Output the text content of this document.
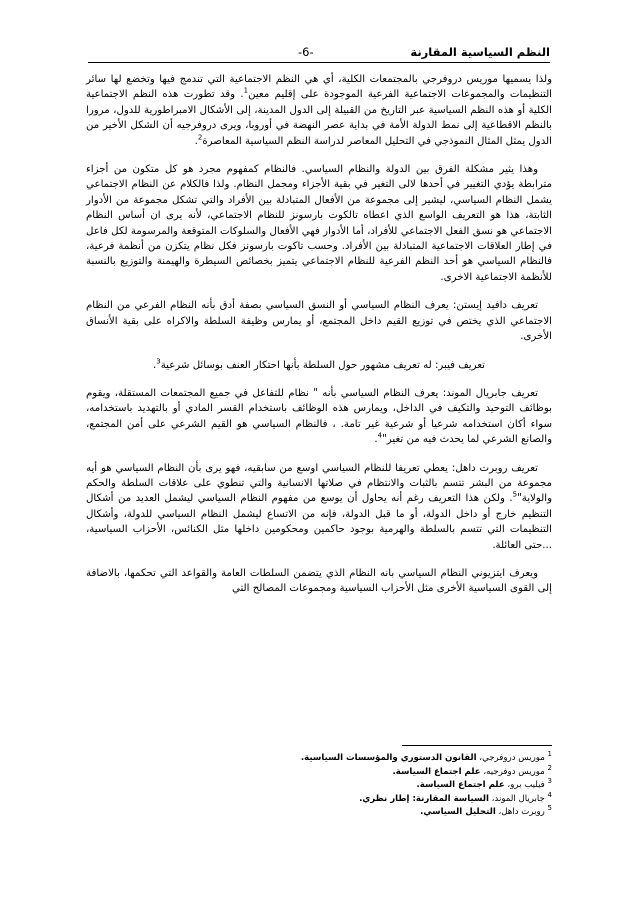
النظم السياسية المقارنة
-6-

ولذا يسميها موريس دروفرجي بالمجتمعات الكلية، أي هي النظم الاجتماعية التي تندمج فيها وتخضع لها سائر التنظيمات والمجموعات الاجتماعية الفرعية الموجودة على إقليم معين$^1$. وقد تطورت هذه النظم الاجتماعية الكلية أو هذه النظم السياسية عبر التاريخ من القبيلة إلى الدول المدينة، إلى الأشكال الامبراطورية للدول، مرورا بالنظم الاقطاعية إلى نمط الدولة الأمة في بداية عصر النهضة في أوروبا، ويرى دروفرجيه أن الشكل الأخير من الدول يمثل المثال النموذجي في التحليل المعاصر لدراسة النظم السياسية المعاصرة$^2$.

وهذا يثير مشكلة الفرق بين الدولة والنظام السياسي. فالنظام كمفهوم مجرد هو كل متكون من أجزاء مترابطة يؤدي التغيير في أحدها لالى التغير في بقية الأجزاء ومجمل النظام. ولذا فالكلام عن النظام الاجتماعي يشمل النظام السياسي، ليشير إلى مجموعة من الأفعال المتبادلة بين الأفراد والتي تشكل مجموعة من الأدوار الثابتة، هذا هو التعريف الواسع الذي اعطاه تالكوت بارسونز للنظام الاجتماعي، لأنه يرى ان أساس النظام الاجتماعي هو نسق الفعل الاجتماعي للأفراد، أما الأدوار فهي الأفعال والسلوكات المتوقعة والمرسومة لكل فاعل في إطار العلاقات الاجتماعية المتبادلة بين الأفراد. وحسب تاكوت بارسونز فكل نظام يتكزن من أنظمة فرعية، فالنظام السياسي هو أحد النظم الفرعية للنظام الاجتماعي يتميز بخصائص السيطرة والهيمنة والتوزيع بالنسبة للأنظمة الاجتماعية الاخرى.

تعريف دافيد إيستن: يعرف النظام السياسي أو النسق السياسي بصفة أدق بأنه النظام الفرعي من النظام الاجتماعي الذي يختص في توزيع القيم داخل المجتمع، أو يمارس وظيفة السلطة والاكراه على بقية الأنساق الأخرى.

تعريف فيبر: له تعريف مشهور حول السلطة بأنها احتكار العنف بوسائل شرعية$^3$.

تعريف جابريال الموند: يعرف النظام السياسي بأنه " نظام للتفاعل في جميع المجتمعات المستقلة، ويقوم بوظائف التوحيد والتكيف في الداخل، ويمارس هذه الوظائف باستخدام القسر المادي أو بالتهديد باستخدامه، سواء أكان استخدامه شرعيا أو شرعية غير تامة. ، فالنظام السياسي هو القيم الشرعي على أمن المجتمع، والصانع الشرعي لما يحدث فيه من تغير"$^4$.

تعريف روبرت داهل: يعطي تعريفا للنظام السياسي اوسع من سابقيه، فهو يرى بأن النظام السياسي هو أيه مجموعة من البشر تتسم بالثبات والانتظام في صلاتها الانسانية والتي تنطوي على علاقات السلطة والحكم والولاية"$^5$. ولكن هذا التعريف رغم أنه يحاول أن يوسع من مفهوم النظام السياسي ليشمل العديد من أشكال التنظيم خارج أو داخل الدولة، أو ما قبل الدولة، فإنه من الاتساع ليشمل النظام السياسي للدولة، وأشكال التنظيمات التي تتسم بالسلطة والهرمية بوجود حاكمين ومحكومين داخلها مثل الكنائس، الأحزاب السياسية، ...حتى العائلة.

ويعرف ايتزيوني النظام السياسي بانه النظام الذي يتضمن السلطات العامة والقواعد التي تحكمها، بالاضافة إلى القوى السياسية الأخرى مثل الأحزاب السياسية ومجموعات المصالح التي

$^1$ موريس دروفرجي، القانون الدستوري والمؤسسات السياسية.
$^2$ موريس دوفرجيه، علم اجتماع السياسة.
$^3$ فيليب برو، علم اجتماع السياسة.
$^4$ جابريال الموند، السياسة المقارنة: إطار نظري.
$^5$ روبرت داهل، التحليل السياسي.
